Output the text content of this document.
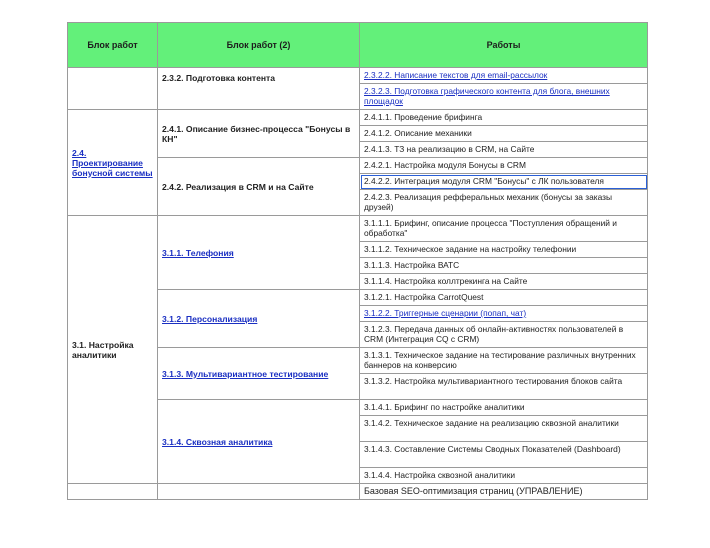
Блок работ	Блок работ (2)	Работы
	2.3.2. Подготовка контента	2.3.2.2. Написание текстов для email-рассылок
		2.3.2.3. Подготовка графического контента для блога, внешних площадок
2.4. Проектирование бонусной системы	2.4.1. Описание бизнес-процесса "Бонусы в КН"	2.4.1.1. Проведение брифинга
		2.4.1.2. Описание механики
		2.4.1.3. ТЗ на реализацию в CRM, на Сайте
	2.4.2. Реализация в CRM и на Сайте	2.4.2.1. Настройка модуля Бонусы в CRM
		2.4.2.2. Интеграция модуля CRM "Бонусы" с ЛК пользователя
		2.4.2.3. Реализация рефферальных механик (бонусы за заказы друзей)
3.1. Настройка аналитики	3.1.1. Телефония	3.1.1.1. Брифинг, описание процесса "Поступления обращений и обработка"
		3.1.1.2. Техническое задание на настройку телефонии
		3.1.1.3. Настройка ВАТС
		3.1.1.4. Настройка коллтрекинга на Сайте
	3.1.2. Персонализация	3.1.2.1. Настройка CarrotQuest
		3.1.2.2. Триггерные сценарии (попап, чат)
		3.1.2.3. Передача данных об онлайн-активностях пользователей в CRM (Интеграция CQ с CRM)
	3.1.3. Мультивариантное тестирование	3.1.3.1. Техническое задание на тестирование различных внутренних баннеров на конверсию
		3.1.3.2. Настройка мультивариантного тестирования блоков сайта
	3.1.4. Сквозная аналитика	3.1.4.1. Брифинг по настройке аналитики
		3.1.4.2. Техническое задание на реализацию сквозной аналитики
		3.1.4.3. Составление Системы Сводных Показателей (Dashboard)
		3.1.4.4. Настройка сквозной аналитики
		Базовая SEO-оптимизация страниц (УПРАВЛЕНИЕ)
